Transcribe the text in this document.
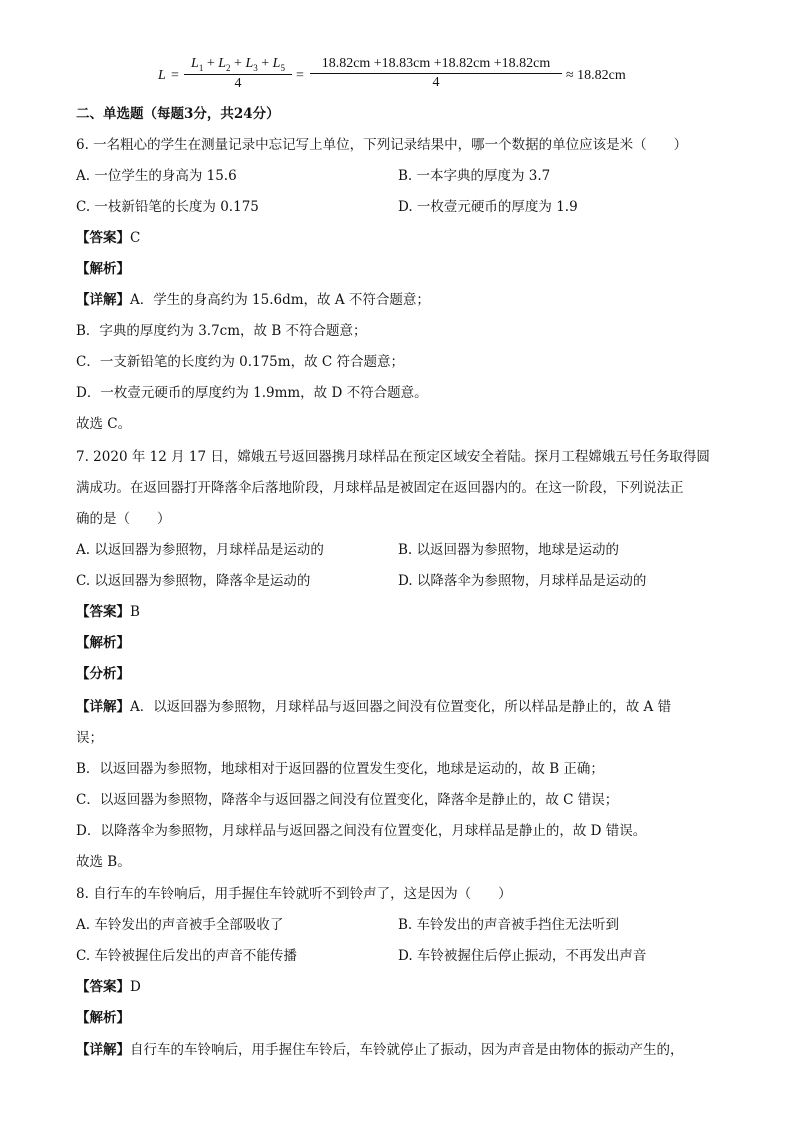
L =
$L_1 + L_2 + L_3 + L_5$
4
=
18.82cm +18.83cm +18.82cm +18.82cm
4	≈ 18.82cm
二、单选题（每题3分，共24分）
6. 一名粗心的学生在测量记录中忘记写上单位，下列记录结果中，哪一个数据的单位应该是米（　　）
A. 一位学生的身高为 15.6	B. 一本字典的厚度为 3.7
C. 一枝新铅笔的长度为 0.175	D. 一枚壹元硬币的厚度为 1.9
【答案】C
【解析】
【详解】A．学生的身高约为 15.6dm，故 A 不符合题意；
B．字典的厚度约为 3.7cm，故 B 不符合题意；
C．一支新铅笔的长度约为 0.175m，故 C 符合题意；
D．一枚壹元硬币的厚度约为 1.9mm，故 D 不符合题意。
故选 C。
7. 2020 年 12 月 17 日，嫦娥五号返回器携月球样品在预定区域安全着陆。探月工程嫦娥五号任务取得圆
满成功。在返回器打开降落伞后落地阶段，月球样品是被固定在返回器内的。在这一阶段，下列说法正
确的是（　　）
A. 以返回器为参照物，月球样品是运动的	B. 以返回器为参照物，地球是运动的
C. 以返回器为参照物，降落伞是运动的	D. 以降落伞为参照物，月球样品是运动的
【答案】B
【解析】
【分析】
【详解】A．以返回器为参照物，月球样品与返回器之间没有位置变化，所以样品是静止的，故 A 错
误；
B．以返回器为参照物，地球相对于返回器的位置发生变化，地球是运动的，故 B 正确；
C．以返回器为参照物，降落伞与返回器之间没有位置变化，降落伞是静止的，故 C 错误；
D．以降落伞为参照物，月球样品与返回器之间没有位置变化，月球样品是静止的，故 D 错误。
故选 B。
8. 自行车的车铃响后，用手握住车铃就听不到铃声了，这是因为（　　）
A. 车铃发出的声音被手全部吸收了	B. 车铃发出的声音被手挡住无法听到
C. 车铃被握住后发出的声音不能传播	D. 车铃被握住后停止振动，不再发出声音
【答案】D
【解析】
【详解】自行车的车铃响后，用手握住车铃后，车铃就停止了振动，因为声音是由物体的振动产生的，
